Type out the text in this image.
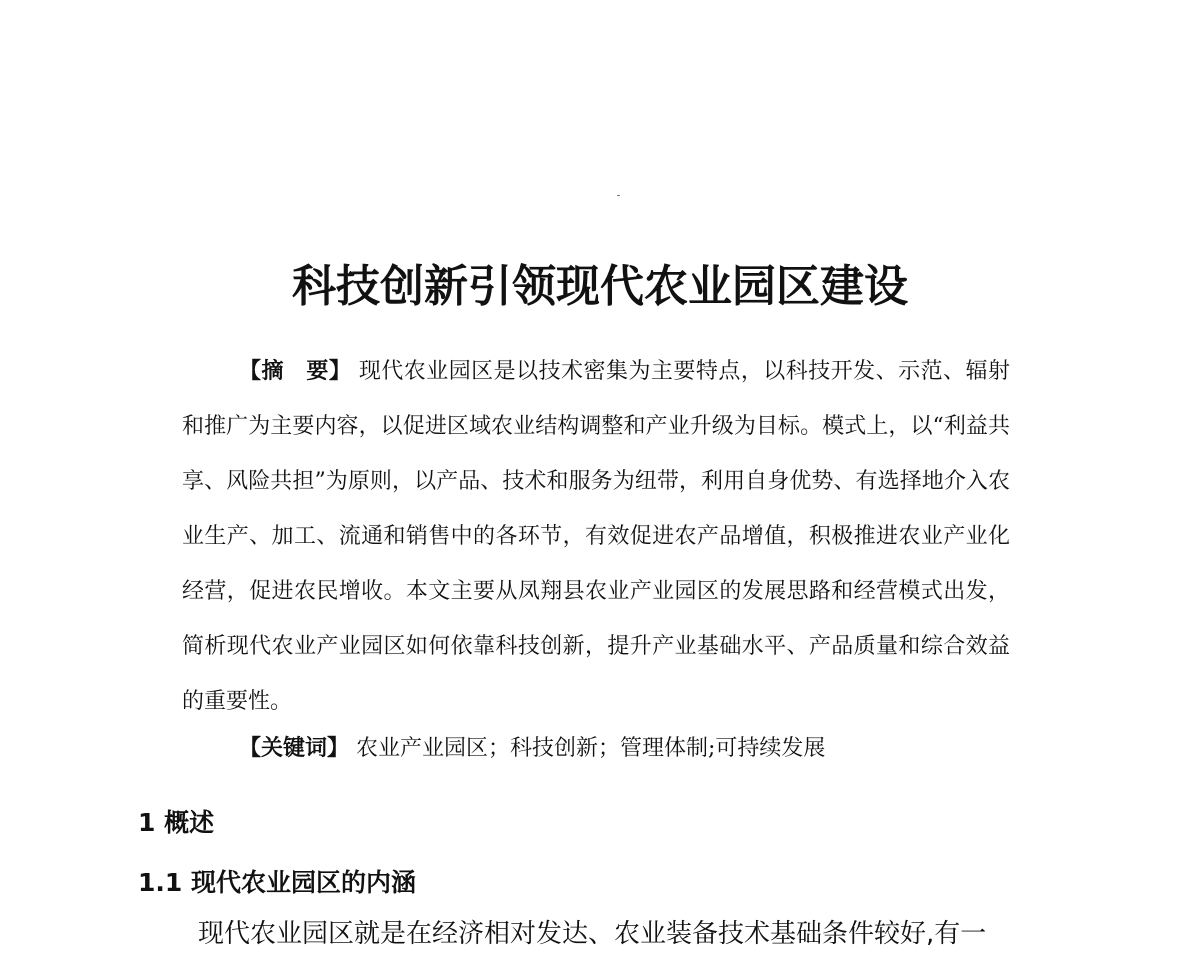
科技创新引领现代农业园区建设
【摘　要】 现代农业园区是以技术密集为主要特点，以科技开发、示范、辐射和推广为主要内容，以促进区域农业结构调整和产业升级为目标。模式上，以“利益共享、风险共担”为原则，以产品、技术和服务为纽带，利用自身优势、有选择地介入农业生产、加工、流通和销售中的各环节，有效促进农产品增值，积极推进农业产业化经营，促进农民增收。本文主要从凤翔县农业产业园区的发展思路和经营模式出发，简析现代农业产业园区如何依靠科技创新，提升产业基础水平、产品质量和综合效益的重要性。
【关键词】 农业产业园区；科技创新；管理体制;可持续发展
1 概述
1.1 现代农业园区的内涵

现代农业园区就是在经济相对发达、农业装备技术基础条件较好,有一
